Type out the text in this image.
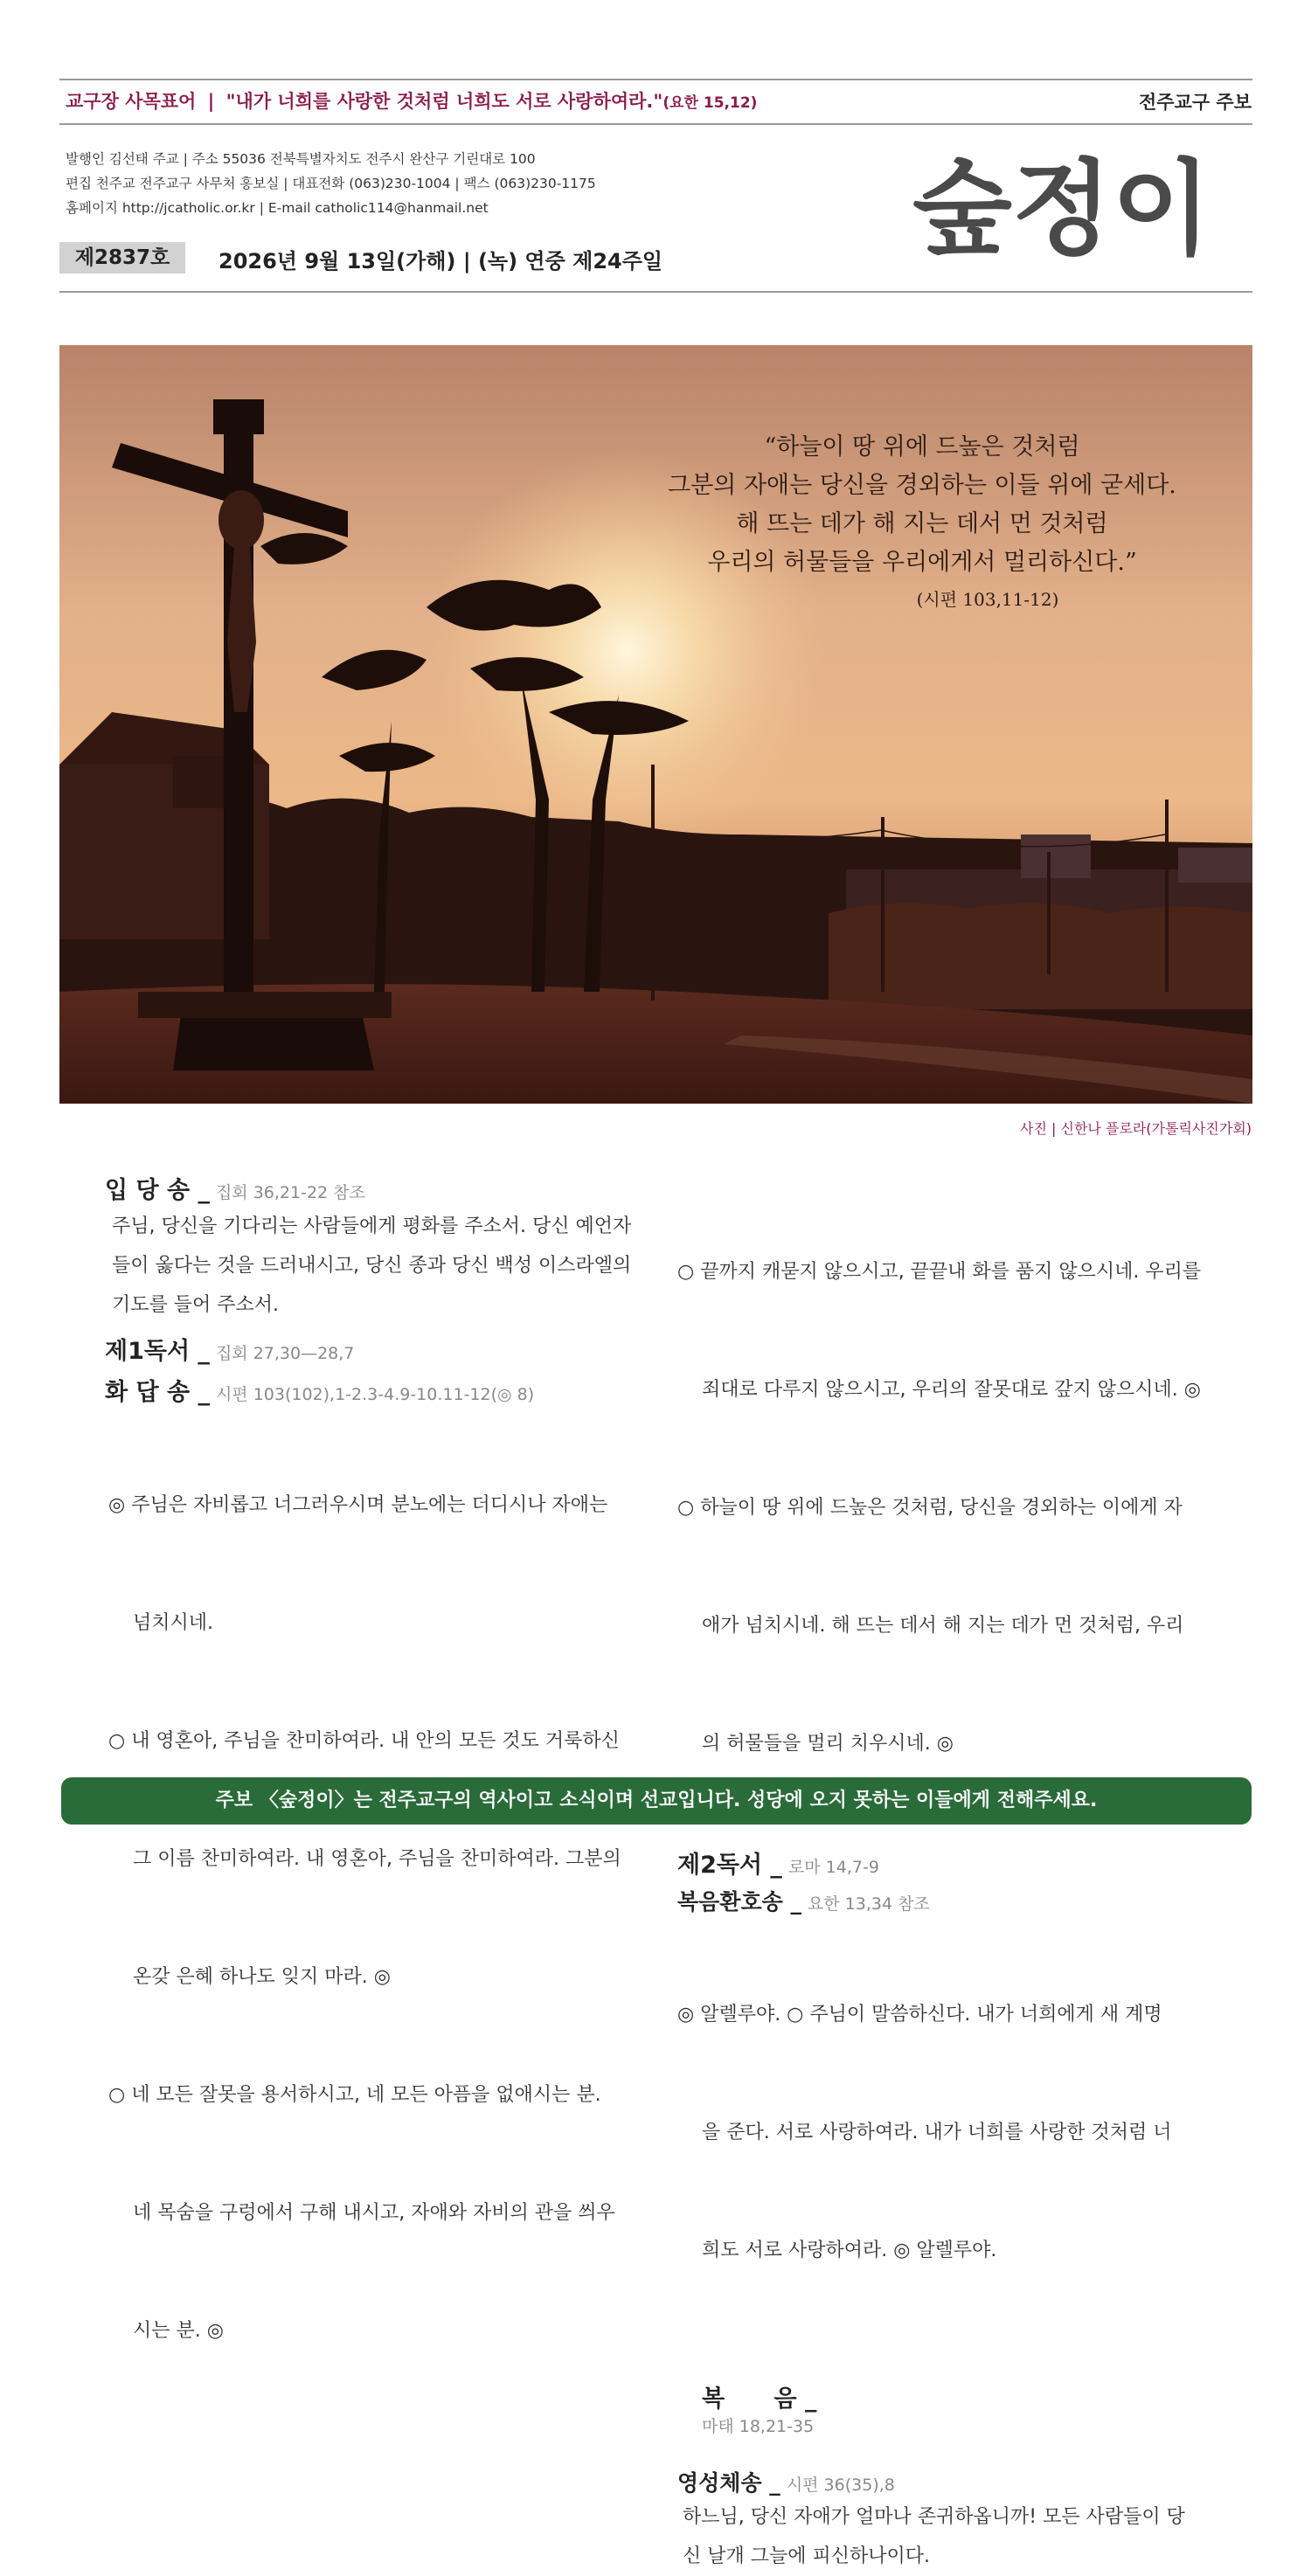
교구장 사목표어 | "내가 너희를 사랑한 것처럼 너희도 서로 사랑하여라."(요한 15,12)	전주교구 주보
발행인 김선태 주교 | 주소 55036 전북특별자치도 전주시 완산구 기린대로 100
편집 천주교 전주교구 사무처 홍보실 | 대표전화 (063)230-1004 | 팩스 (063)230-1175
홈페이지 http://jcatholic.or.kr | E-mail catholic114@hanmail.net
제2837호	2026년 9월 13일(가해) | (녹) 연중 제24주일 숲정이
“하늘이 땅 위에 드높은 것처럼
그분의 자애는 당신을 경외하는 이들 위에 굳세다.
해 뜨는 데가 해 지는 데서 먼 것처럼
우리의 허물들을 우리에게서 멀리하신다.”
(시편 103,11-12)
사진 | 신한나 플로라(가톨릭사진가회)
입 당 송 _ 집회 36,21-22 참조
주님, 당신을 기다리는 사람들에게 평화를 주소서. 당신 예언자
들이 옳다는 것을 드러내시고, 당신 종과 당신 백성 이스라엘의
기도를 들어 주소서.
제1독서 _ 집회 27,30—28,7
화 답 송 _ 시편 103(102),1-2.3-4.9-10.11-12(◎ 8)

◎ 주님은 자비롭고 너그러우시며 분노에는 더디시나 자애는

넘치시네.

○ 내 영혼아, 주님을 찬미하여라. 내 안의 모든 것도 거룩하신

그 이름 찬미하여라. 내 영혼아, 주님을 찬미하여라. 그분의

온갖 은혜 하나도 잊지 마라. ◎

○ 네 모든 잘못을 용서하시고, 네 모든 아픔을 없애시는 분.

네 목숨을 구렁에서 구해 내시고, 자애와 자비의 관을 씌우

시는 분. ◎

○ 끝까지 캐묻지 않으시고, 끝끝내 화를 품지 않으시네. 우리를

죄대로 다루지 않으시고, 우리의 잘못대로 갚지 않으시네. ◎

○ 하늘이 땅 위에 드높은 것처럼, 당신을 경외하는 이에게 자

애가 넘치시네. 해 뜨는 데서 해 지는 데가 먼 것처럼, 우리

의 허물들을 멀리 치우시네. ◎

제2독서 _ 로마 14,7-9
복음환호송 _ 요한 13,34 참조

◎ 알렐루야. ○ 주님이 말씀하신다. 내가 너희에게 새 계명

을 준다. 서로 사랑하여라. 내가 너희를 사랑한 것처럼 너

희도 서로 사랑하여라. ◎ 알렐루야.

복      음 _
마태 18,21-35

영성체송 _ 시편 36(35),8
하느님, 당신 자애가 얼마나 존귀하옵니까! 모든 사람들이 당
신 날개 그늘에 피신하나이다.
주보 〈숲정이〉는 전주교구의 역사이고 소식이며 선교입니다. 성당에 오지 못하는 이들에게 전해주세요.
